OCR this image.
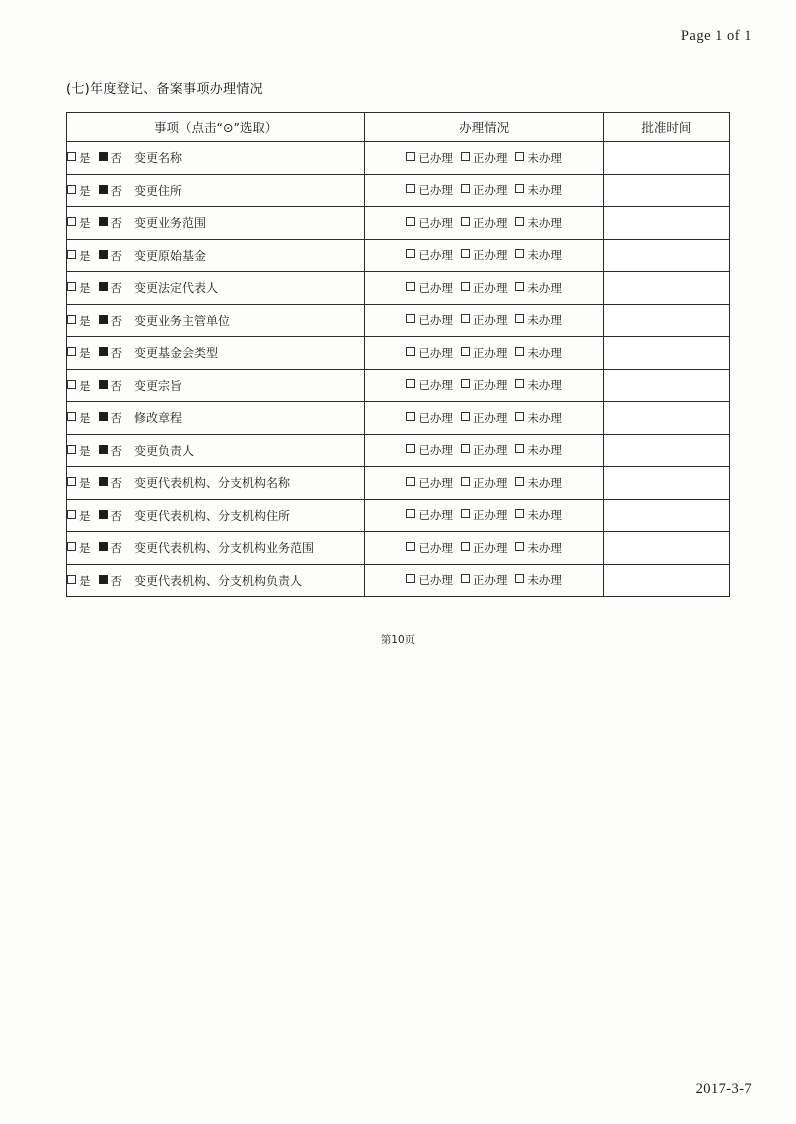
Page 1 of 1
(七)年度登记、备案事项办理情况
事项（点击“⊙”选取）	办理情况	批准时间
是 否 变更名称	已办理 正办理 未办理	
是 否 变更住所	已办理 正办理 未办理	
是 否 变更业务范围	已办理 正办理 未办理	
是 否 变更原始基金	已办理 正办理 未办理	
是 否 变更法定代表人	已办理 正办理 未办理	
是 否 变更业务主管单位	已办理 正办理 未办理	
是 否 变更基金会类型	已办理 正办理 未办理	
是 否 变更宗旨	已办理 正办理 未办理	
是 否 修改章程	已办理 正办理 未办理	
是 否 变更负责人	已办理 正办理 未办理	
是 否 变更代表机构、分支机构名称	已办理 正办理 未办理	
是 否 变更代表机构、分支机构住所	已办理 正办理 未办理	
是 否 变更代表机构、分支机构业务范围	已办理 正办理 未办理	
是 否 变更代表机构、分支机构负责人	已办理 正办理 未办理	
第10页
2017-3-7
